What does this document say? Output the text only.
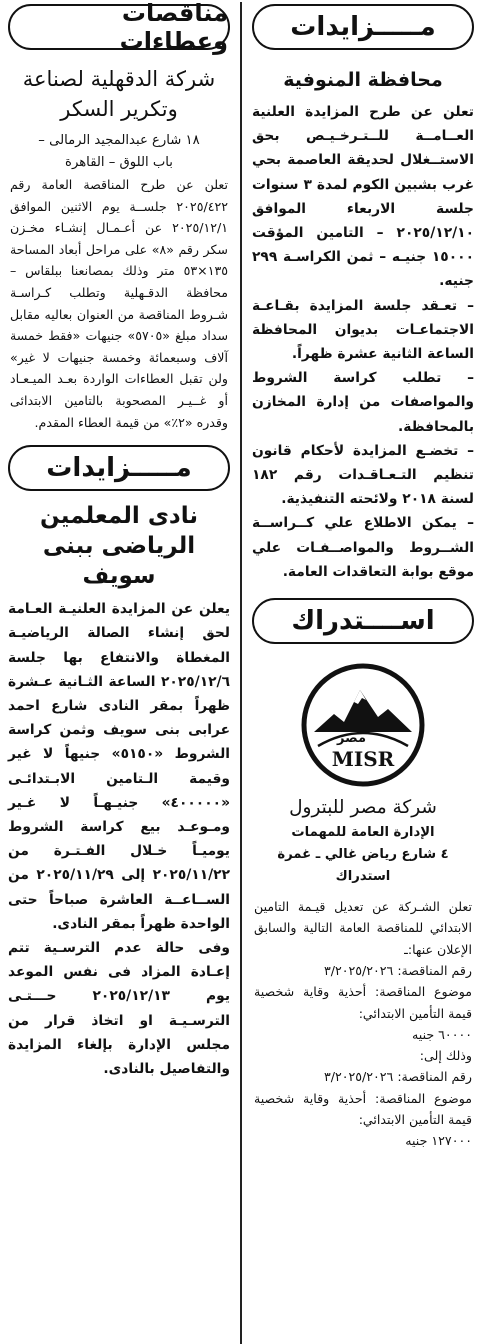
مـــــزايدات
محافظة المنوفية
تعلن عن طرح المزايدة العلنية العــامــة للــتـرخـيـص بحق الاستــغلال لحديقة العاصمة بحي غرب بشبين الكوم لمدة ٣ سنوات جلسة الاربعاء الموافق ٢٠٢٥/١٢/١٠ – التامين المؤقت ١٥٠٠٠ جنيـه – ثمن الكراسـة ٢٩٩ جنيه.
– تعـقد جلسة المزايدة بقـاعـة الاجتماعـات بديوان المحافظة الساعة الثانية عشرة ظهراً.
– تطلب كراسة الشروط والمواصفات من إدارة المخازن بالمحافظة.
– تخضـع المزايدة لأحكام قانون تنظيم التـعـاقـدات رقم ١٨٢ لسنة ٢٠١٨ ولائحته التنفيذية.
– يمكن الاطلاع علي كــراســة الشــروط والمواصــفـات علي موقع بوابة التعاقدات العامة.
اســــتدراك
مصر
MISR
شركة مصر للبترول
الإدارة العامة للمهمات
٤ شارع رياض غالي ـ غمرة
استدراك
تعلن الشـركة عن تعديل قيـمة التامين الابتدائي للمناقصة العامة التالية والسابق الإعلان عنها:ـ
رقم المناقصة: ٣/٢٠٢٥/٢٠٢٦
موضوع المناقصة: أحذية وقاية شخصية قيمة التأمين الابتدائي:
٦٠٠٠٠ جنيه
وذلك إلى:
رقم المناقصة: ٣/٢٠٢٥/٢٠٢٦
موضوع المناقصة: أحذية وقاية شخصية قيمة التأمين الابتدائي:
١٢٧٠٠٠ جنيه
مناقصات وعطاءات
شركة الدقهلية لصناعة وتكرير السكر
١٨ شارع عبدالمجيد الرمالى –
باب اللوق – القاهرة
تعلن عن طرح المناقصة العامة رقم ٢٠٢٥/٤٢٢ جلســة يوم الاثنين الموافق ٢٠٢٥/١٢/١ عن أعـمـال إنشـاء مخـزن سكر رقم «٨» على مراحل أبعاد المساحة ١٣٥×٥٣ متر وذلك بمصانعنا ببلقاس – محافظة الدقـهلية وتطلب كـراسـة شـروط المناقصة من العنوان بعاليه مقابل سداد مبلغ «٥٧٠٥» جنيهات «فقط خمسة آلاف وسبعمائة وخمسة جنيهات لا غير» ولن تقبل العطاءات الواردة بعـد الميـعـاد أو غــيـر المصحوبة بالتامين الابتدائى وقدره «٢٪» من قيمة العطاء المقدم.
مـــــزايدات
نادى المعلمين الرياضى ببنى سويف
يعلن عن المزايدة العلنيـة العـامة لحق إنشاء الصالة الرياضيـة المغطاة والانتفاع بها جلسة ٢٠٢٥/١٢/٦ الساعة الثـانية عـشرة ظهراً بمقر النادى شارع احمد عرابى بنى سويف وثمن كراسة الشروط «٥١٥٠» جنيهاً لا غير وقيمة الـتامين الابـتدائـى «٤٠٠٠٠٠» جنيـهـاً لا غـير ومـوعـد بيع كراسة الشروط يوميـاً خـلال الفـتـرة من ٢٠٢٥/١١/٢٢ إلى ٢٠٢٥/١١/٢٩ من الســاعــة العاشرة صباحاً حتى الواحدة ظهراً بمقر النادى.
وفى حالة عدم الترسـية تتم إعـادة المزاد فى نفس الموعد يوم ٢٠٢٥/١٢/١٣ حـــتـى الترسـيـة او اتخاذ قرار من مجلس الإدارة بإلغاء المزايدة والتفاصيل بالنادى.
